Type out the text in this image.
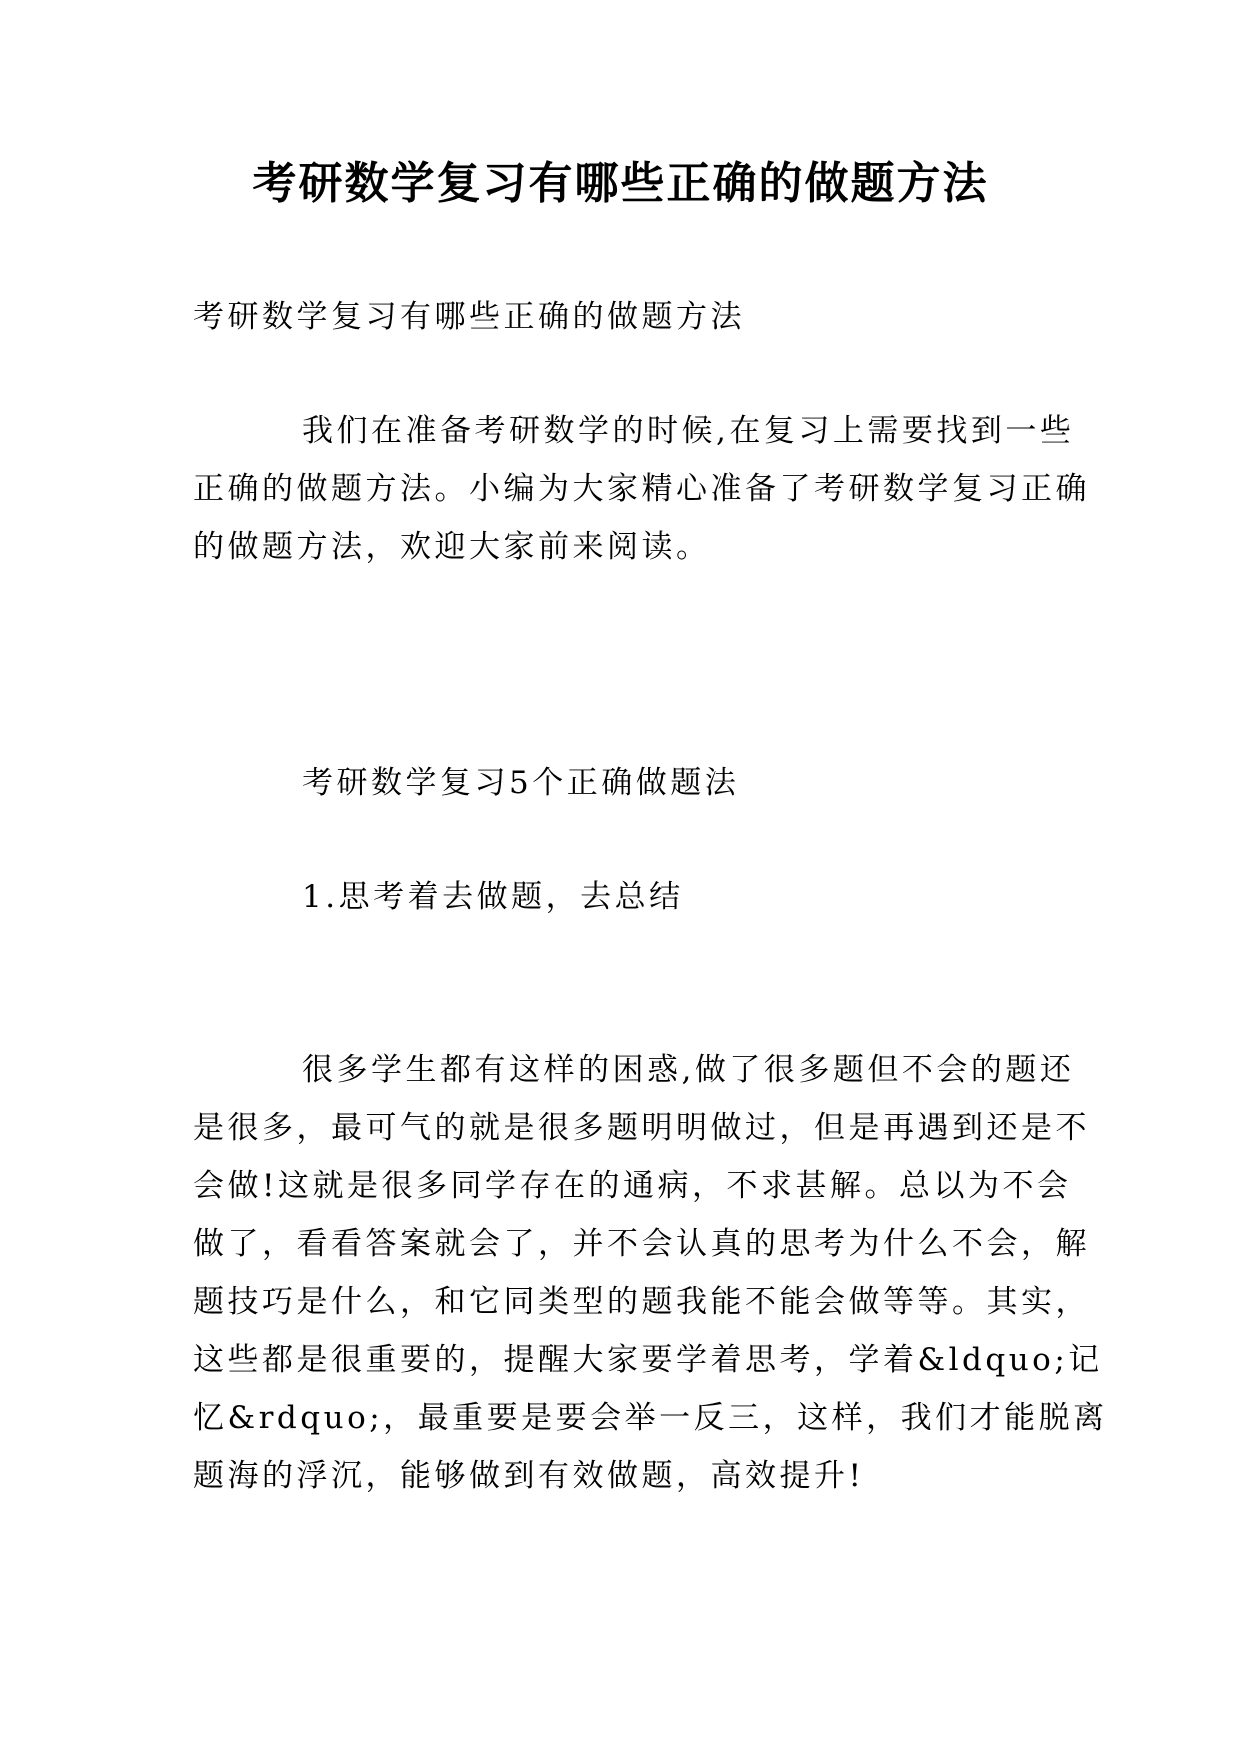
考研数学复习有哪些正确的做题方法
考研数学复习有哪些正确的做题方法
我们在准备考研数学的时候,在复习上需要找到一些
正确的做题方法。小编为大家精心准备了考研数学复习正确
的做题方法，欢迎大家前来阅读。
考研数学复习5个正确做题法
1.思考着去做题，去总结
很多学生都有这样的困惑,做了很多题但不会的题还
是很多，最可气的就是很多题明明做过，但是再遇到还是不
会做!这就是很多同学存在的通病，不求甚解。总以为不会
做了，看看答案就会了，并不会认真的思考为什么不会，解
题技巧是什么，和它同类型的题我能不能会做等等。其实，
这些都是很重要的，提醒大家要学着思考，学着&ldquo;记
忆&rdquo;，最重要是要会举一反三，这样，我们才能脱离
题海的浮沉，能够做到有效做题，高效提升!
